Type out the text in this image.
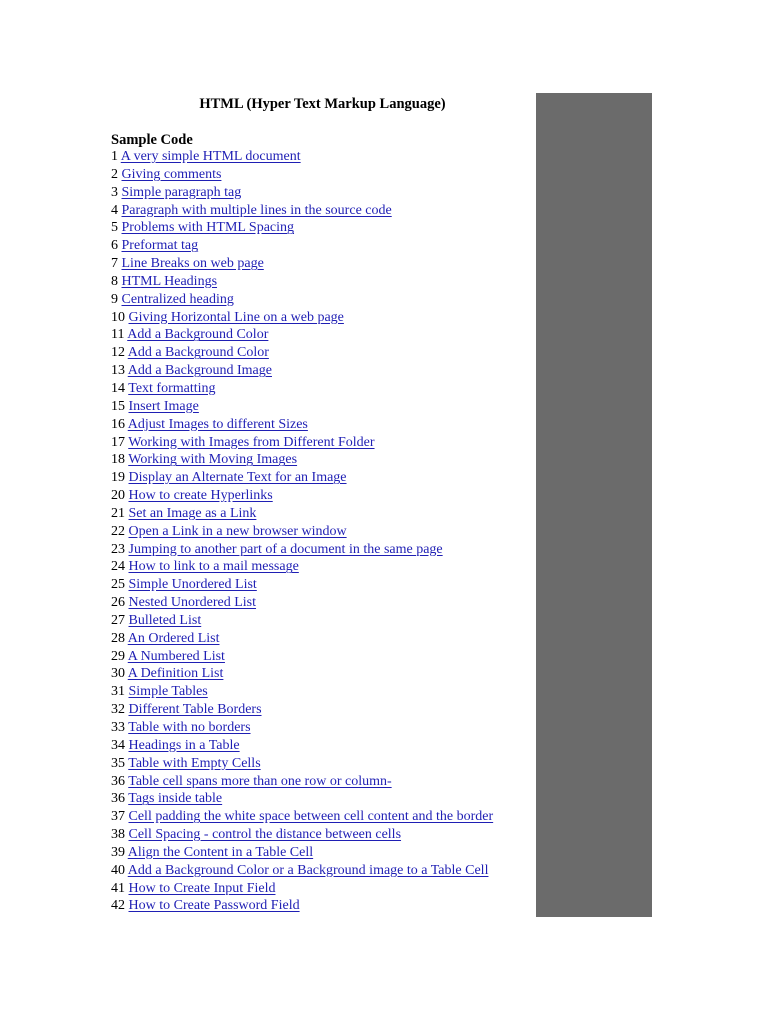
HTML (Hyper Text Markup Language)
Sample Code
1 A very simple HTML document
2 Giving comments
3 Simple paragraph tag
4 Paragraph with multiple lines in the source code
5 Problems with HTML Spacing
6 Preformat tag
7 Line Breaks on web page
8 HTML Headings
9 Centralized heading
10 Giving Horizontal Line on a web page
11 Add a Background Color
12 Add a Background Color
13 Add a Background Image
14 Text formatting
15 Insert Image
16 Adjust Images to different Sizes
17 Working with Images from Different Folder
18 Working with Moving Images
19 Display an Alternate Text for an Image
20 How to create Hyperlinks
21 Set an Image as a Link
22 Open a Link in a new browser window
23 Jumping to another part of a document in the same page
24 How to link to a mail message
25 Simple Unordered List
26 Nested Unordered List
27 Bulleted List
28 An Ordered List
29 A Numbered List
30 A Definition List
31 Simple Tables
32 Different Table Borders
33 Table with no borders
34 Headings in a Table
35 Table with Empty Cells
36 Table cell spans more than one row or column-
36 Tags inside table
37 Cell padding the white space between cell content and the border
38 Cell Spacing - control the distance between cells
39 Align the Content in a Table Cell
40 Add a Background Color or a Background image to a Table Cell
41 How to Create Input Field
42 How to Create Password Field
